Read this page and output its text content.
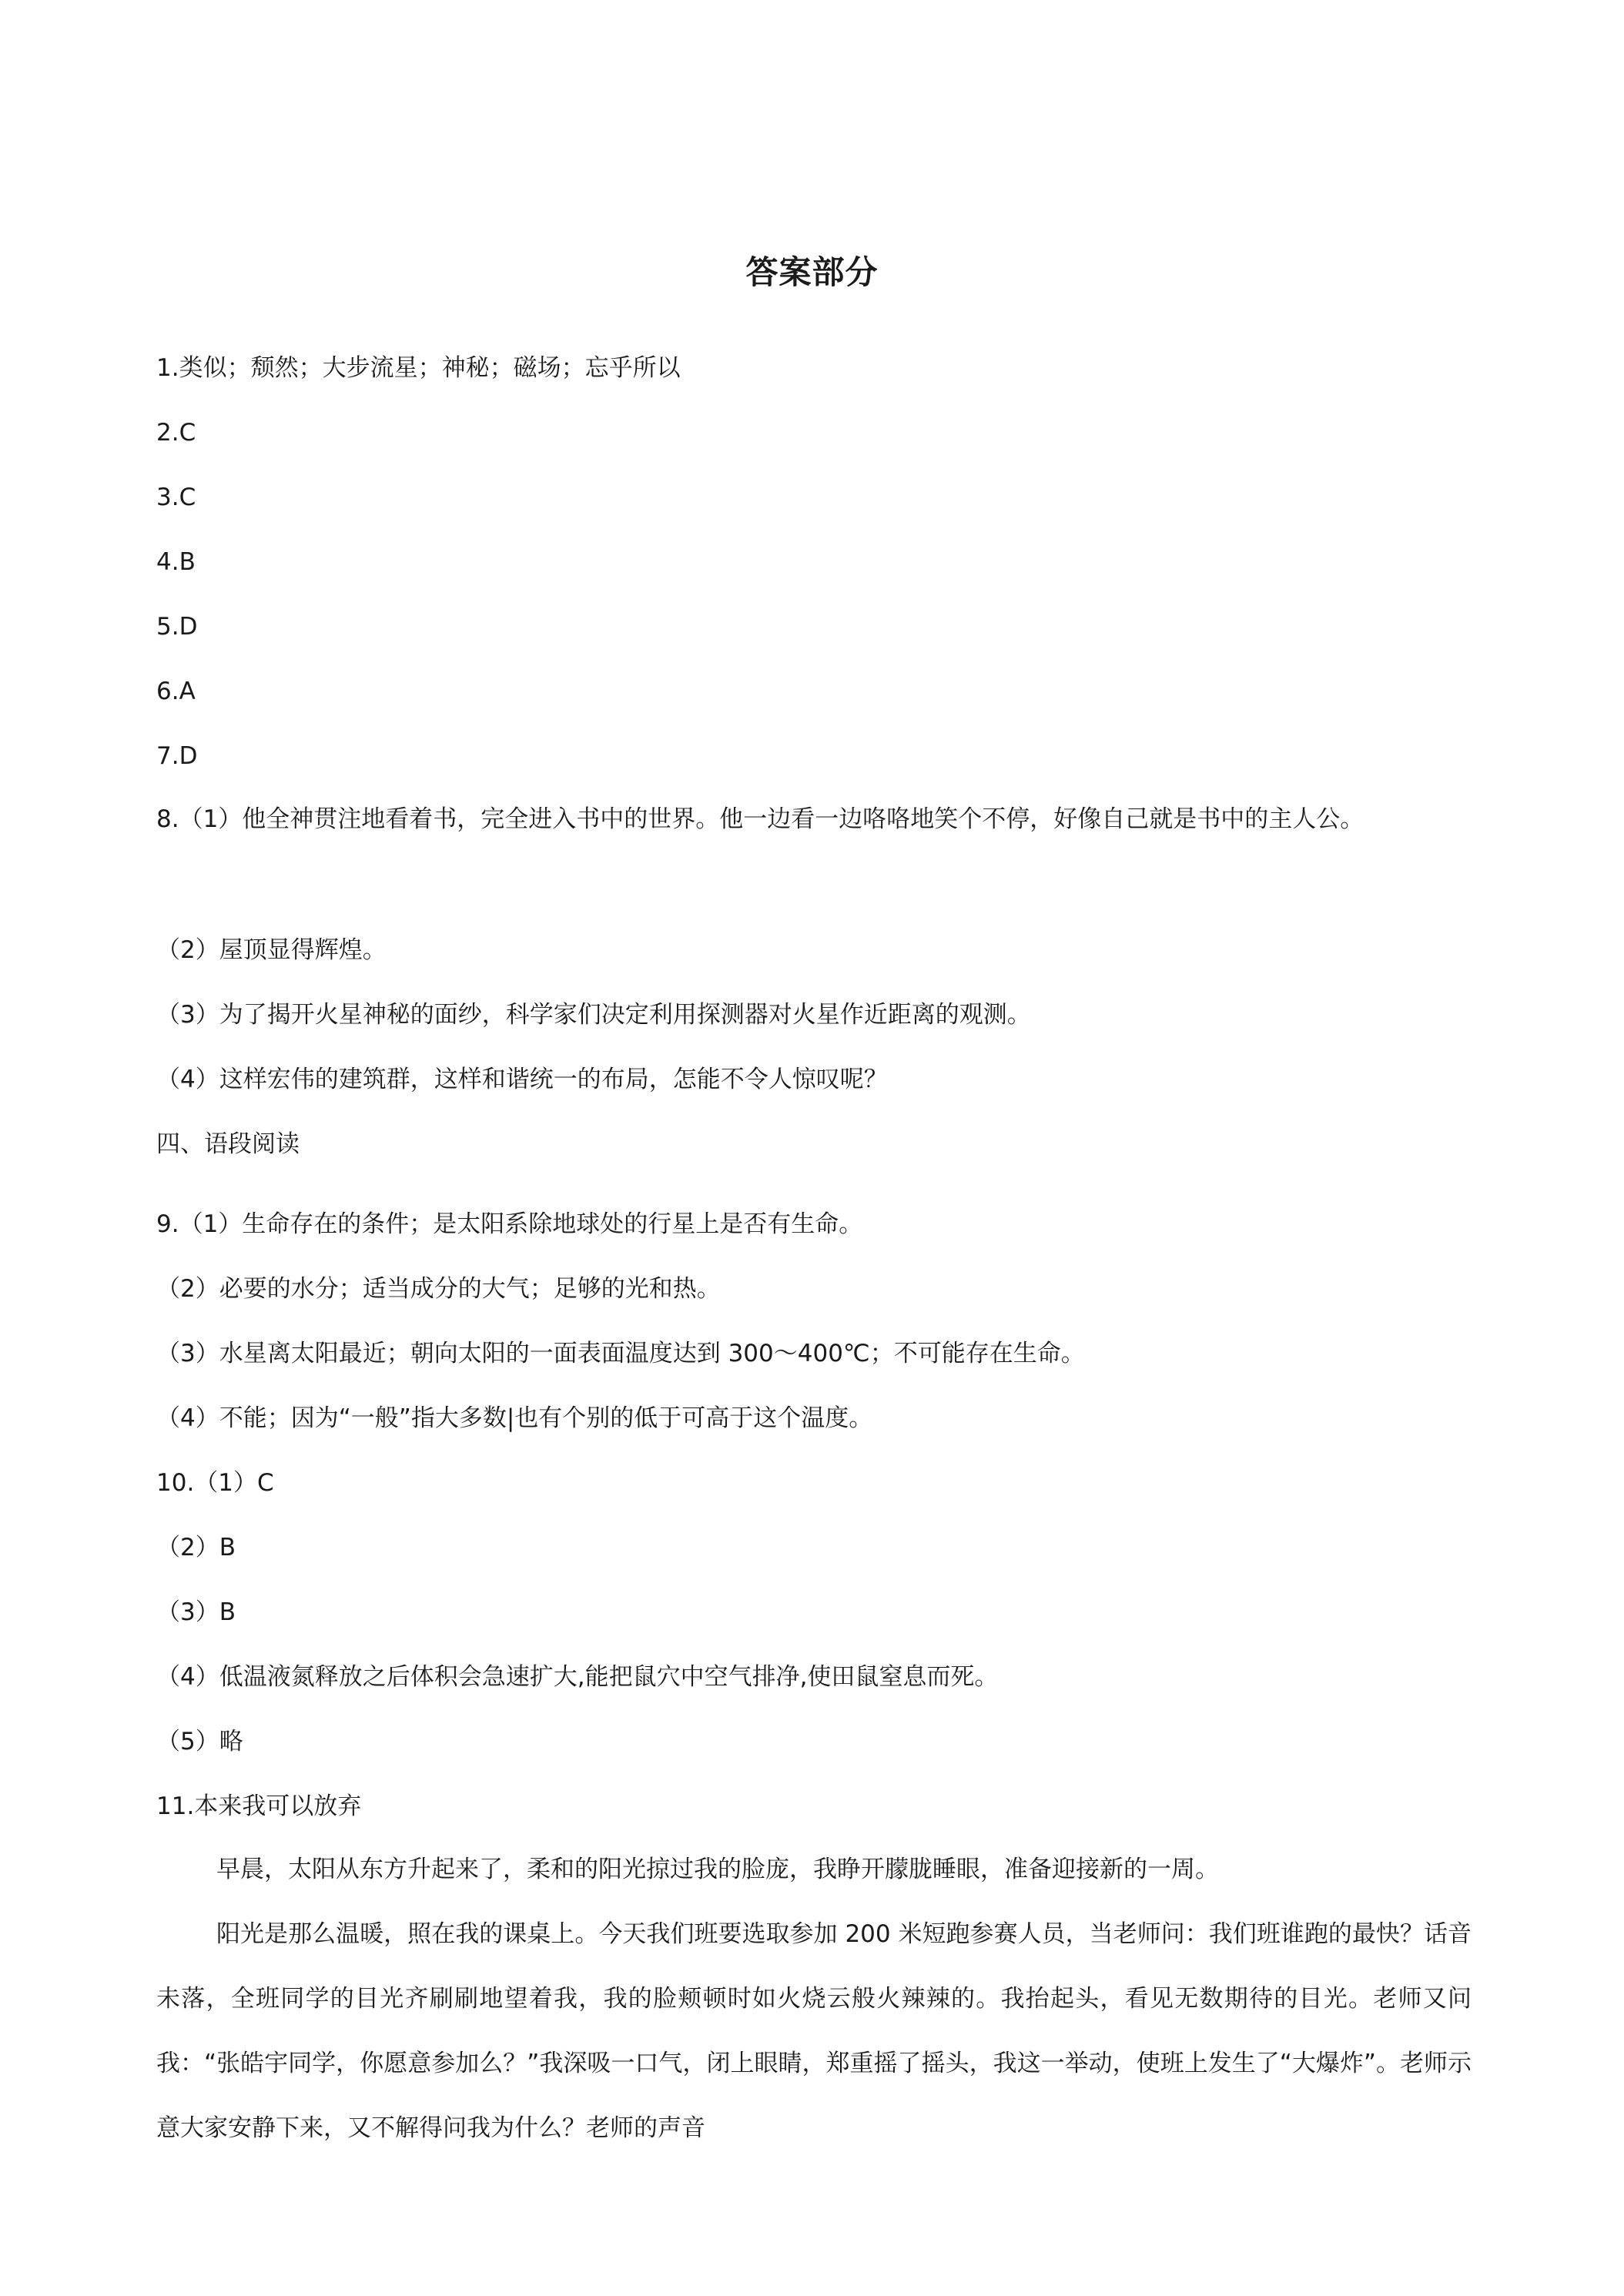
答案部分
1.类似；颓然；大步流星；神秘；磁场；忘乎所以
2.C
3.C
4.B
5.D
6.A
7.D
8.（1）他全神贯注地看着书，完全进入书中的世界。他一边看一边咯咯地笑个不停，好像自己就是书中的主人公。
（2）屋顶显得辉煌。
（3）为了揭开火星神秘的面纱，科学家们决定利用探测器对火星作近距离的观测。
（4）这样宏伟的建筑群，这样和谐统一的布局，怎能不令人惊叹呢？
四、语段阅读
9.（1）生命存在的条件；是太阳系除地球处的行星上是否有生命。
（2）必要的水分；适当成分的大气；足够的光和热。
（3）水星离太阳最近；朝向太阳的一面表面温度达到 300～400℃；不可能存在生命。
（4）不能；因为“一般”指大多数|也有个别的低于可高于这个温度。
10.（1）C
（2）B
（3）B
（4）低温液氮释放之后体积会急速扩大,能把鼠穴中空气排净,使田鼠窒息而死。
（5）略
11.本来我可以放弃
早晨，太阳从东方升起来了，柔和的阳光掠过我的脸庞，我睁开朦胧睡眼，准备迎接新的一周。
阳光是那么温暖，照在我的课桌上。今天我们班要选取参加 200 米短跑参赛人员，当老师问：我们班谁跑的最快？话音未落，全班同学的目光齐刷刷地望着我，我的脸颊顿时如火烧云般火辣辣的。我抬起头，看见无数期待的目光。老师又问我：“张皓宇同学，你愿意参加么？”我深吸一口气，闭上眼睛，郑重摇了摇头，我这一举动，使班上发生了“大爆炸”。老师示意大家安静下来，又不解得问我为什么？老师的声音
